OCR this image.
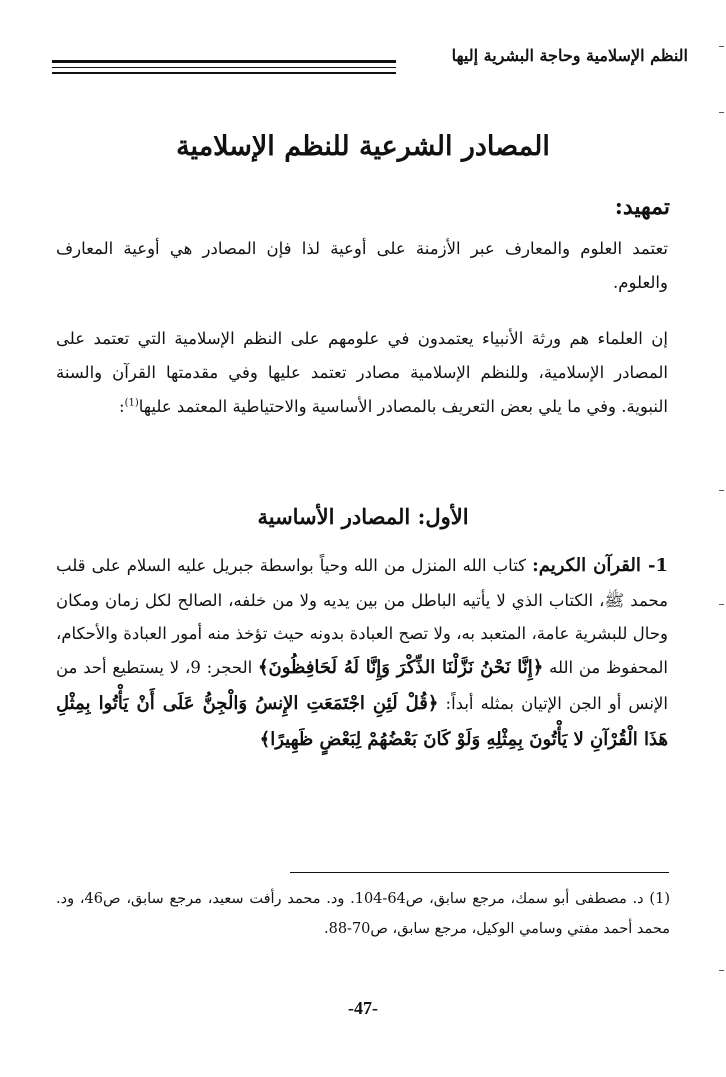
النظم الإسلامية وحاجة البشرية إليها
المصادر الشرعية للنظم الإسلامية
تمهيد:

تعتمد العلوم والمعارف عبر الأزمنة على أوعية لذا فإن المصادر هي أوعية المعارف والعلوم.

إن العلماء هم ورثة الأنبياء يعتمدون في علومهم على النظم الإسلامية التي تعتمد على المصادر الإسلامية، وللنظم الإسلامية مصادر تعتمد عليها وفي مقدمتها القرآن والسنة النبوية. وفي ما يلي بعض التعريف بالمصادر الأساسية والاحتياطية المعتمد عليها$^{(1)}$:

الأول: المصادر الأساسية

1- القرآن الكريم: كتاب الله المنزل من الله وحياً بواسطة جبريل عليه السلام على قلب محمد ﷺ، الكتاب الذي لا يأتيه الباطل من بين يديه ولا من خلفه، الصالح لكل زمان ومكان وحال للبشرية عامة، المتعبد به، ولا تصح العبادة بدونه حيث تؤخذ منه أمور العبادة والأحكام، المحفوظ من الله ﴿إِنَّا نَحْنُ نَزَّلْنَا الذِّكْرَ وَإِنَّا لَهُ لَحَافِظُونَ﴾ الحجر: 9، لا يستطيع أحد من الإنس أو الجن الإتيان بمثله أبداً: ﴿قُلْ لَئِنِ اجْتَمَعَتِ الإِنسُ وَالْجِنُّ عَلَى أَنْ يَأْتُوا بِمِثْلِ هَذَا الْقُرْآنِ لا يَأْتُونَ بِمِثْلِهِ وَلَوْ كَانَ بَعْضُهُمْ لِبَعْضٍ ظَهِيرًا﴾

(1) د. مصطفى أبو سمك، مرجع سابق، ص64-104. ود. محمد رأفت سعيد، مرجع سابق، ص46، ود. محمد أحمد مفتي وسامي الوكيل، مرجع سابق، ص70-88.

-47-
